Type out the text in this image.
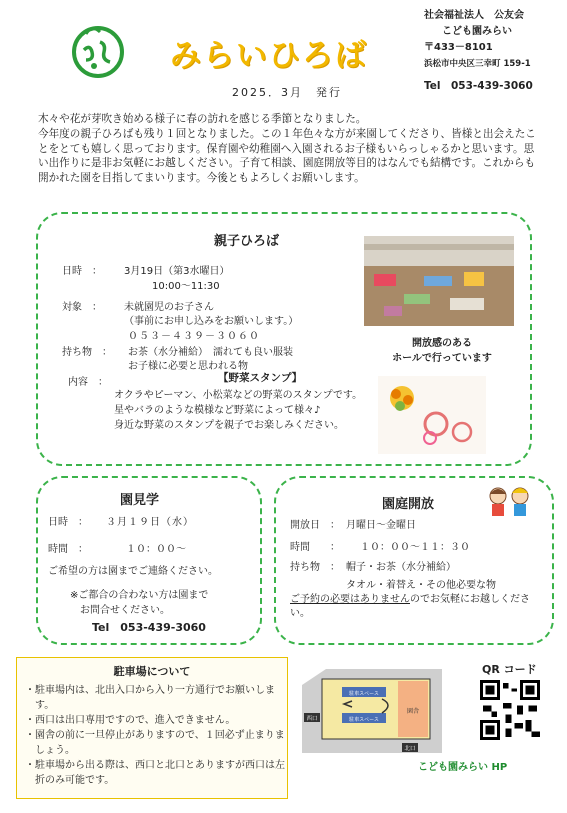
みらいひろば
2025．3月　発行
社会福祉法人　公友会
こども園みらい
〒433－8101
浜松市中央区三幸町 159-1
Tel　053-439-3060
木々や花が芽吹き始める様子に春の訪れを感じる季節となりました。
今年度の親子ひろばも残り１回となりました。この１年色々な方が来園してくださり、皆様と出会えたことをとても嬉しく思っております。保育園や幼稚園へ入園されるお子様もいらっしゃるかと思います。思い出作りに是非お気軽にお越しください。子育て相談、園庭開放等目的はなんでも結構です。これからも開かれた園を目指してまいります。今後ともよろしくお願いします。
親子ひろば
日時　： 3月19日（第3水曜日）
10:00～11:30
対象　： 未就園児のお子さん
（事前にお申し込みをお願いします。）
０５３－４３９－３０６０
持ち物　： お茶（水分補給）　濡れても良い服装
お子様に必要と思われる物
内容　：	【野菜スタンプ】
オクラやピーマン、小松菜などの野菜のスタンプです。
星やバラのような模様など野菜によって様々♪
身近な野菜のスタンプを親子でお楽しみください。
開放感のある
ホールで行っています
園見学
日時　： ３月１９日（水）
時間　：	１０：００～
ご希望の方は園までご連絡ください。
※ご都合の合わない方は園まで
お問合せください。
Tel　053-439-3060
園庭開放
開放日　： 月曜日～金曜日
時間　　： １０：００～１１：３０
持ち物　： 帽子・お茶（水分補給）
タオル・着替え・その他必要な物
ご予約の必要はありませんのでお気軽にお越しください。
駐車場について
・駐車場内は、北出入口から入り一方通行でお願いします。
・西口は出口専用ですので、進入できません。
・園舎の前に一旦停止がありますので、１回必ず止まりましょう。
・駐車場から出る際は、西口と北口とありますが西口は左折のみ可能です。
駐車スペース
駐車スペース
園舎
西口
北口
QR コード
こども園みらい HP
